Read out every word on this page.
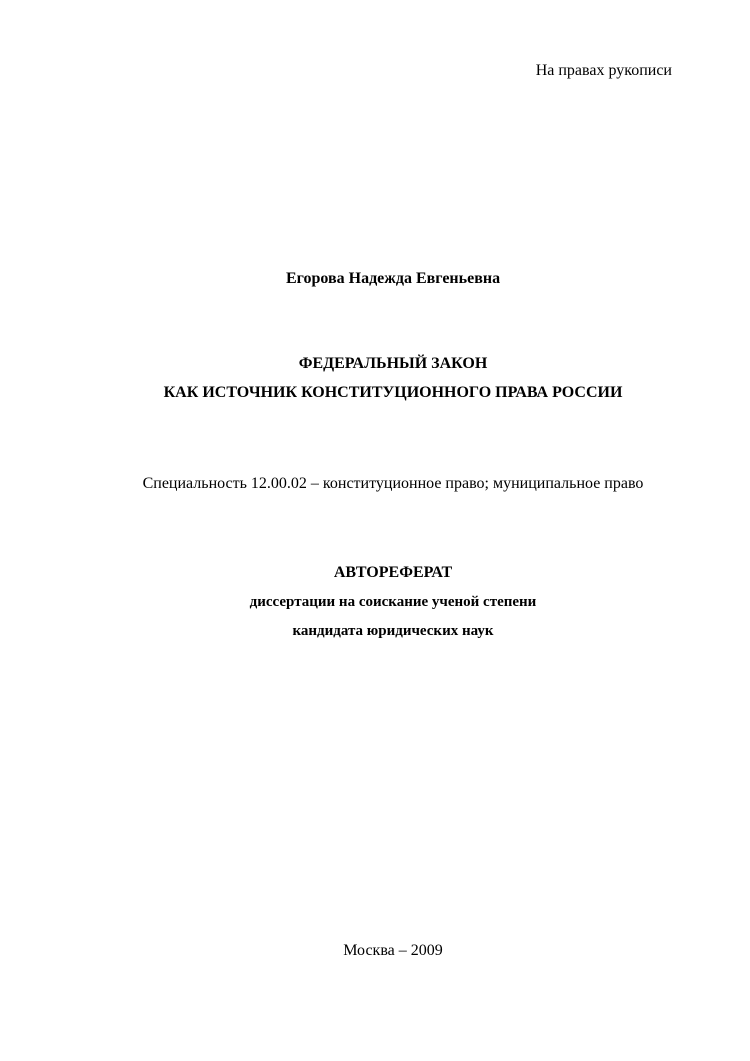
На правах рукописи
Егорова Надежда Евгеньевна
ФЕДЕРАЛЬНЫЙ ЗАКОН
КАК ИСТОЧНИК КОНСТИТУЦИОННОГО ПРАВА РОССИИ
Специальность 12.00.02 – конституционное право; муниципальное право
АВТОРЕФЕРАТ
диссертации на соискание ученой степени
кандидата юридических наук
Москва – 2009
